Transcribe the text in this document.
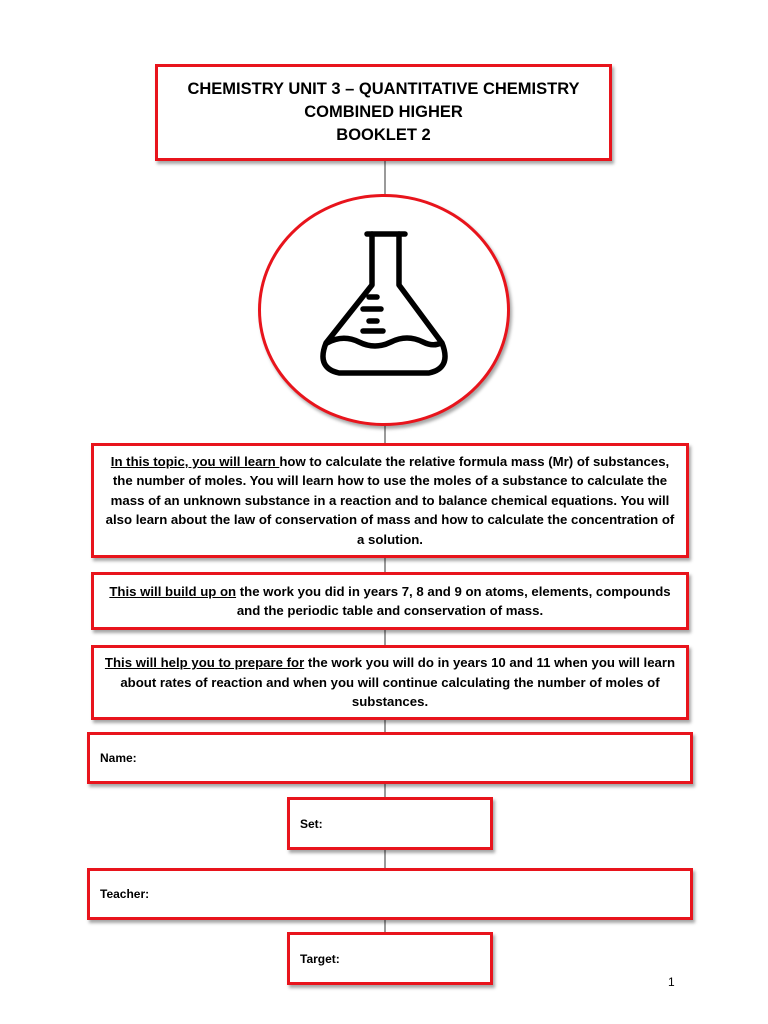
CHEMISTRY UNIT 3 – QUANTITATIVE CHEMISTRY
COMBINED HIGHER
BOOKLET 2

In this topic, you will learn how to calculate the relative formula mass (Mr) of substances, the number of moles. You will learn how to use the moles of a substance to calculate the mass of an unknown substance in a reaction and to balance chemical equations. You will also learn about the law of conservation of mass and how to calculate the concentration of a solution.

This will build up on the work you did in years 7, 8 and 9 on atoms, elements, compounds and the periodic table and conservation of mass.

This will help you to prepare for the work you will do in years 10 and 11 when you will learn about rates of reaction and when you will continue calculating the number of moles of substances.

Name:
Set:
Teacher:
Target:
1
